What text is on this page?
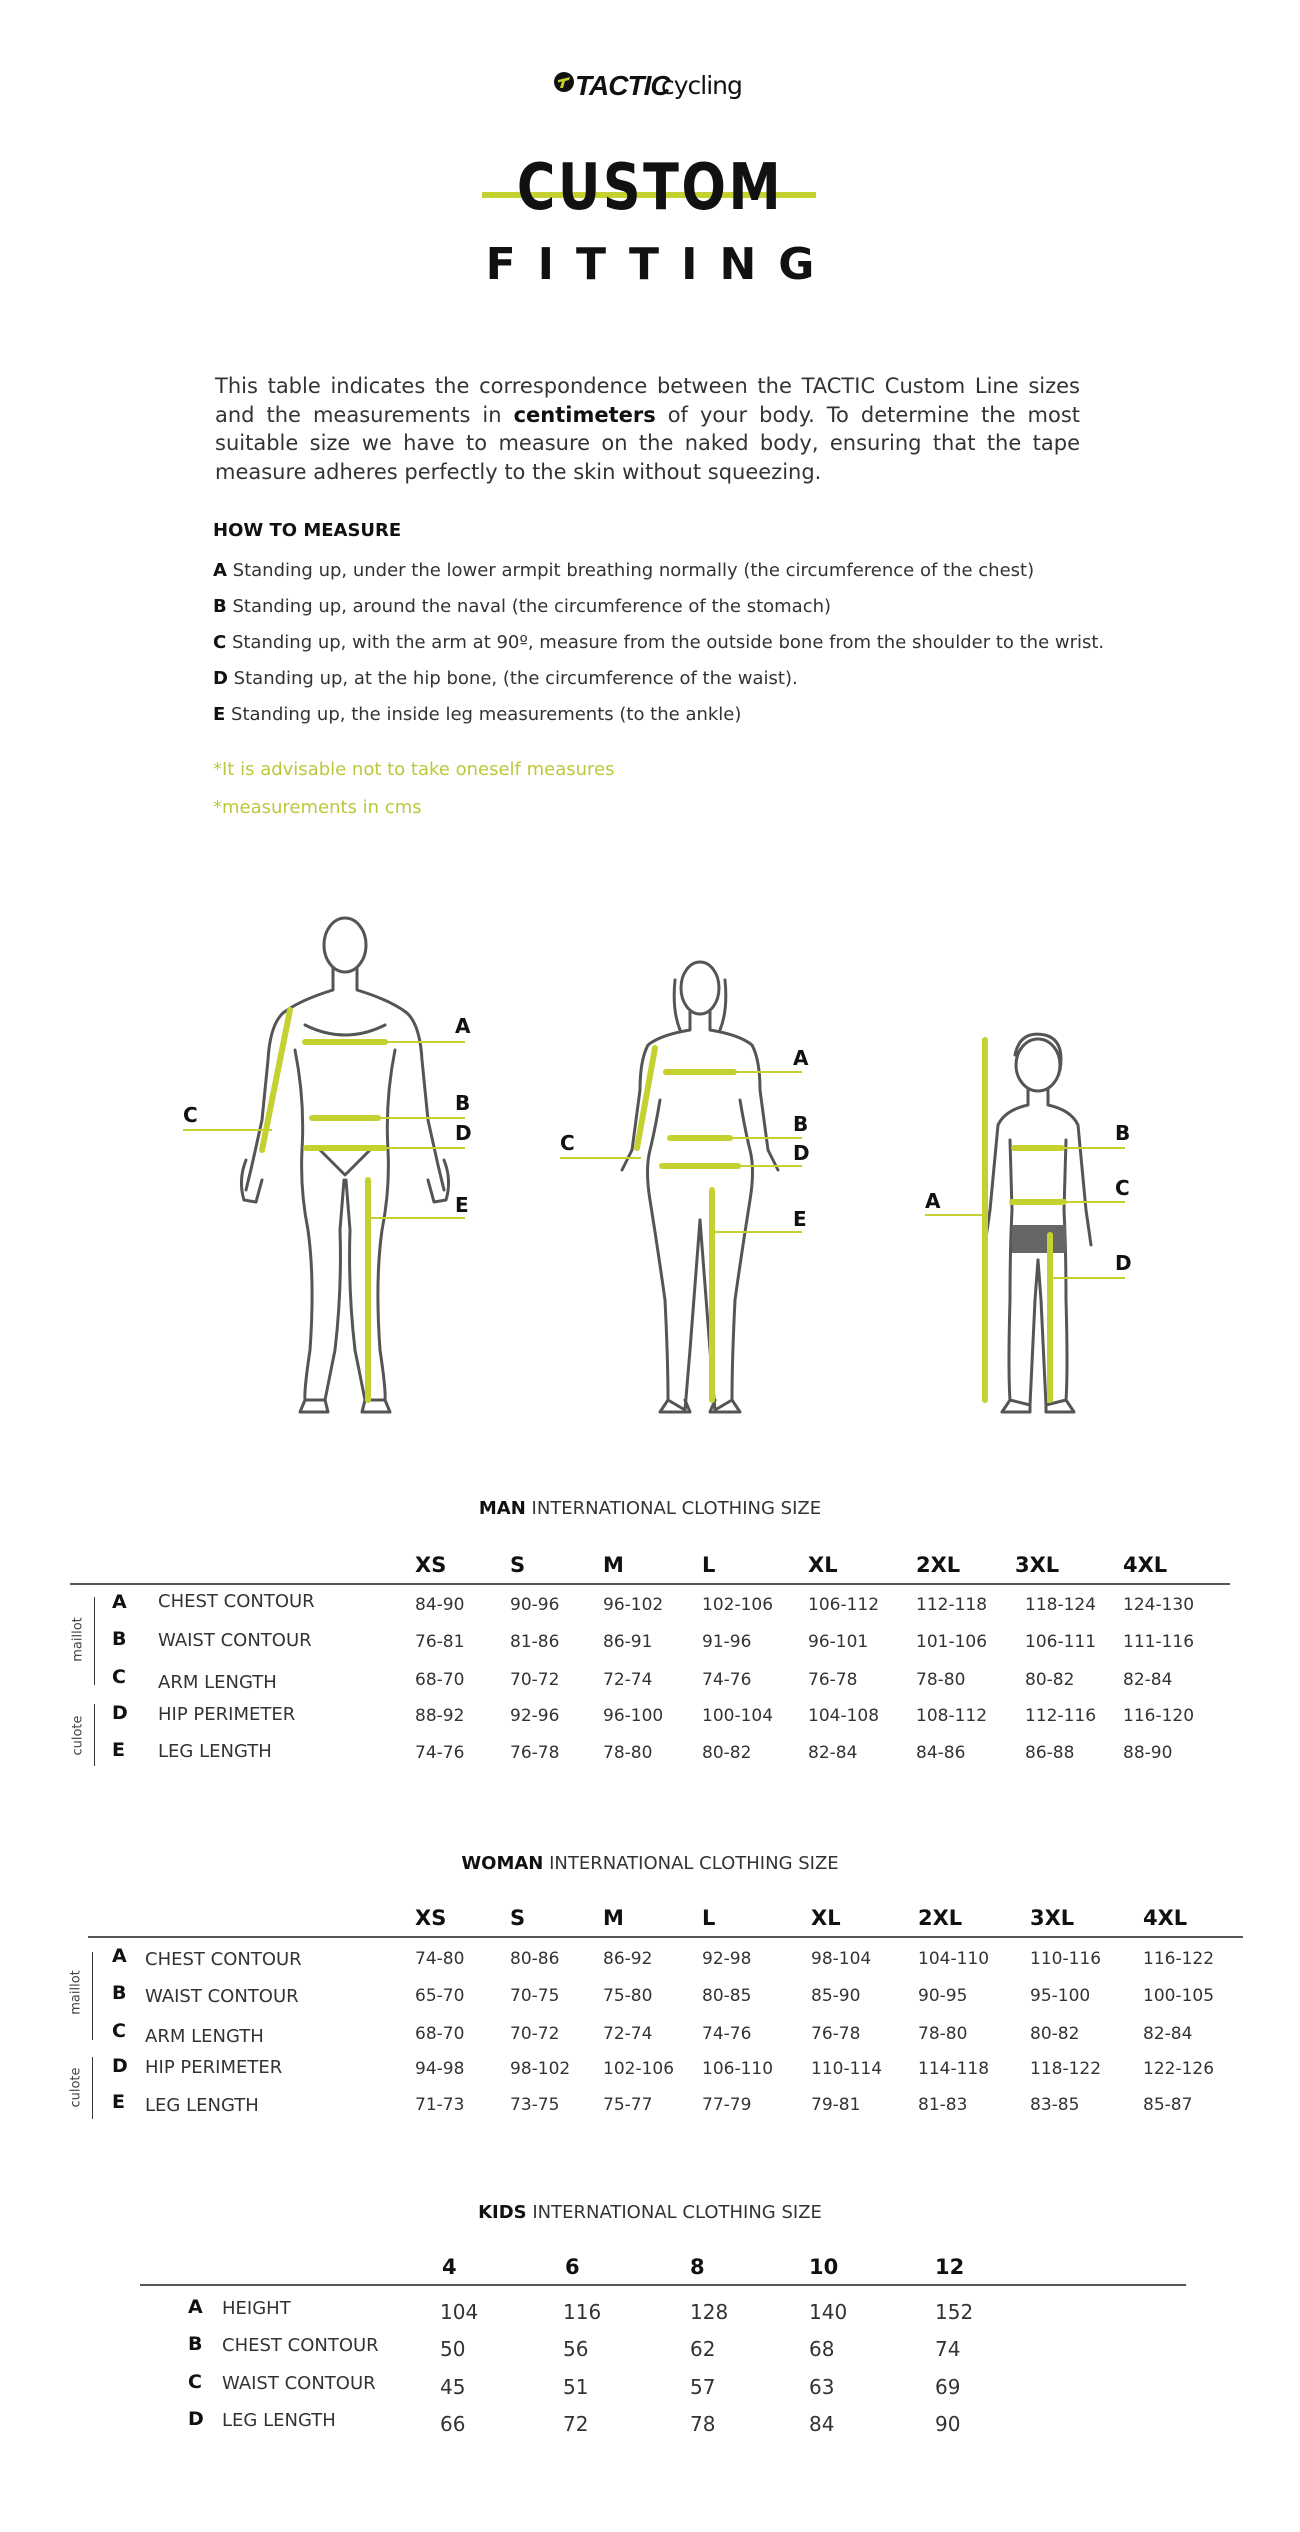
TACTIC
cycling
CUSTOM
FITTING

This table indicates the correspondence between the TACTIC Custom Line sizes and the measurements in centimeters of your body. To determine the most suitable size we have to measure on the naked body, ensuring that the tape measure adheres perfectly to the skin without squeezing.

HOW TO MEASURE
A Standing up, under the lower armpit breathing normally (the circumference of the chest)
B Standing up, around the naval (the circumference of the stomach)
C Standing up, with the arm at 90º, measure from the outside bone from the shoulder to the wrist.
D Standing up, at the hip bone, (the circumference of the waist).
E Standing up, the inside leg measurements (to the ankle)
*It is advisable not to take oneself measures
*measurements in cms
A
B
D
E
C
A
B
D
E
C	B
C
D
A
MAN INTERNATIONAL CLOTHING SIZE
XS	S	M	L	XL	2XL	3XL	4XL
A CHEST CONTOUR	84-90	90-96	96-102 102-106 106-112 112-118 118-124 124-130
B WAIST CONTOUR	76-81	81-86	86-91	91-96	96-101	101-106 106-111 111-116
C ARM LENGTH	68-70	70-72	72-74	74-76	76-78	78-80	80-82	82-84
D HIP PERIMETER	88-92	92-96	96-100 100-104 104-108 108-112 112-116 116-120
E LEG LENGTH	74-76	76-78	78-80	80-82	82-84	84-86	86-88	88-90
maillot
culote
WOMAN INTERNATIONAL CLOTHING SIZE
XS	S	M	L	XL	2XL	3XL	4XL
A CHEST CONTOUR	74-80	80-86	86-92	92-98	98-104	104-110 110-116 116-122
B WAIST CONTOUR	65-70	70-75	75-80	80-85	85-90	90-95	95-100	100-105
C ARM LENGTH	68-70	70-72	72-74	74-76	76-78	78-80	80-82	82-84
D HIP PERIMETER	94-98	98-102 102-106 106-110 110-114 114-118 118-122 122-126
E LEG LENGTH	71-73	73-75	75-77	77-79	79-81	81-83	83-85	85-87
maillot
culote
KIDS INTERNATIONAL CLOTHING SIZE
4	6	8	10	12
A HEIGHT	104	116	128	140	152
B CHEST CONTOUR	50	56	62	68	74
C WAIST CONTOUR	45	51	57	63	69
D LEG LENGTH	66	72	78	84	90
